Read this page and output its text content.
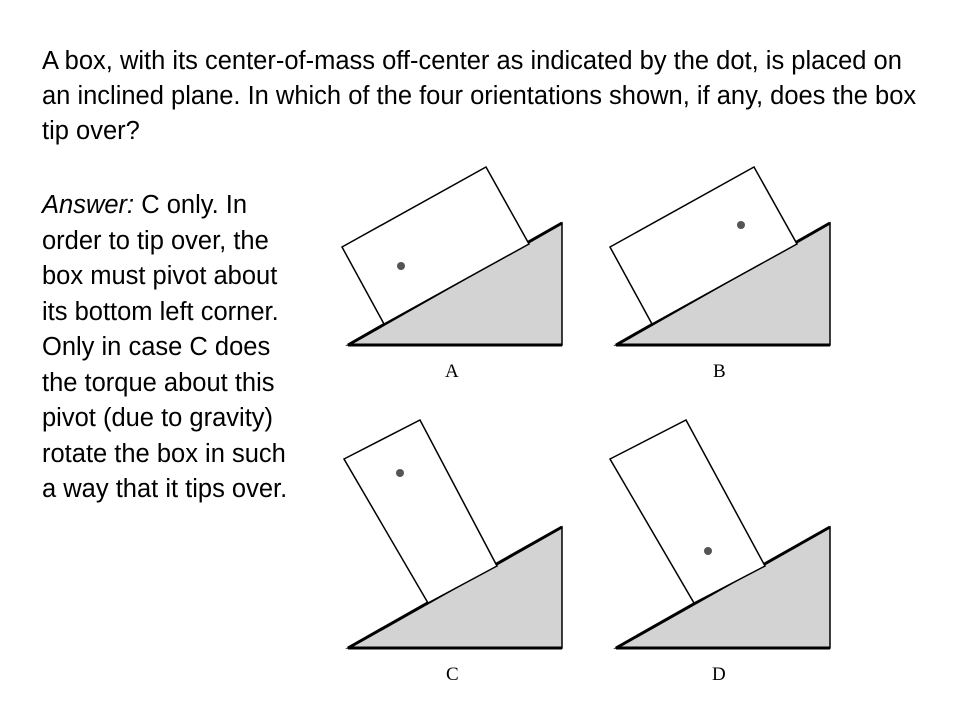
A box, with its center-of-mass off-center as indicated by the dot, is placed on an inclined plane. In which of the four orientations shown, if any, does the box tip over?
Answer: C only. In order to tip over, the box must pivot about its bottom left corner. Only in case C does the torque about this pivot (due to gravity) rotate the box in such a way that it tips over.
A	B
C	D
